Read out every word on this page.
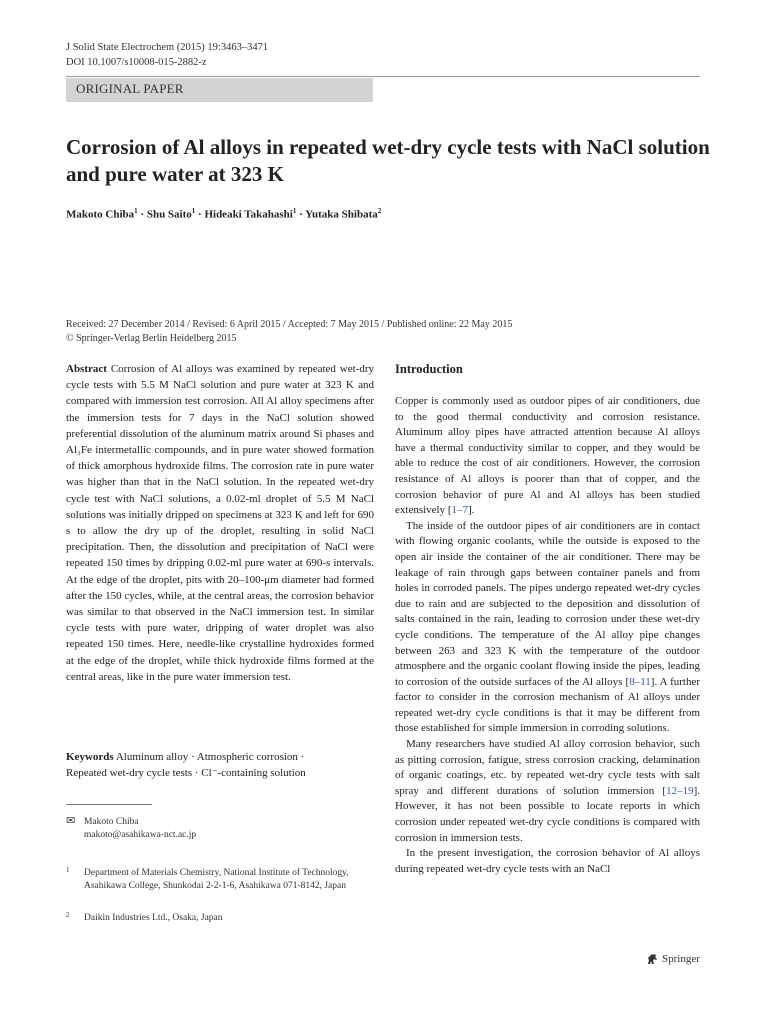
J Solid State Electrochem (2015) 19:3463–3471
DOI 10.1007/s10008-015-2882-z
ORIGINAL PAPER
Corrosion of Al alloys in repeated wet-dry cycle tests with NaCl solution and pure water at 323 K
Makoto Chiba$^1$ · Shu Saito$^1$ · Hideaki Takahashi$^1$ · Yutaka Shibata$^2$
Received: 27 December 2014 / Revised: 6 April 2015 / Accepted: 7 May 2015 / Published online: 22 May 2015
© Springer-Verlag Berlin Heidelberg 2015
Abstract Corrosion of Al alloys was examined by repeated wet-dry cycle tests with 5.5 M NaCl solution and pure water at 323 K and compared with immersion test corrosion. All Al alloy specimens after the immersion tests for 7 days in the NaCl solution showed preferential dissolution of the aluminum matrix around Si phases and Al₃Fe intermetallic compounds, and in pure water showed formation of thick amorphous hydroxide films. The corrosion rate in pure water was higher than that in the NaCl solution. In the repeated wet-dry cycle test with NaCl solutions, a 0.02-ml droplet of 5.5 M NaCl solutions was initially dripped on specimens at 323 K and left for 690 s to allow the dry up of the droplet, resulting in solid NaCl precipitation. Then, the dissolution and precipitation of NaCl were repeated 150 times by dripping 0.02-ml pure water at 690-s intervals. At the edge of the droplet, pits with 20–100-μm diameter had formed after the 150 cycles, while, at the central areas, the corrosion behavior was similar to that observed in the NaCl immersion test. In similar cycle tests with pure water, dripping of water droplet was also repeated 150 times. Here, needle-like crystalline hydroxides formed at the edge of the droplet, while thick hydroxide films formed at the central areas, like in the pure water immersion test.
Keywords Aluminum alloy · Atmospheric corrosion ·
Repeated wet-dry cycle tests · Cl⁻-containing solution
✉ Makoto Chiba
makoto@asahikawa-nct.ac.jp
1	Department of Materials Chemistry, National Institute of Technology, Asahikawa College, Shunkodai 2-2-1-6, Asahikawa 071-8142, Japan
2	Daikin Industries Ltd., Osaka, Japan
Introduction

Copper is commonly used as outdoor pipes of air conditioners, due to the good thermal conductivity and corrosion resistance. Aluminum alloy pipes have attracted attention because Al alloys have a thermal conductivity similar to copper, and they would be able to reduce the cost of air conditioners. However, the corrosion resistance of Al alloys is poorer than that of copper, and the corrosion behavior of pure Al and Al alloys has been studied extensively [1–7].

The inside of the outdoor pipes of air conditioners are in contact with flowing organic coolants, while the outside is exposed to the open air inside the container of the air conditioner. There may be leakage of rain through gaps between container panels and from holes in corroded panels. The pipes undergo repeated wet-dry cycles due to rain and are subjected to the deposition and dissolution of salts contained in the rain, leading to corrosion under these wet-dry cycle conditions. The temperature of the Al alloy pipe changes between 263 and 323 K with the temperature of the outdoor atmosphere and the organic coolant flowing inside the pipes, leading to corrosion of the outside surfaces of the Al alloys [8–11]. A further factor to consider in the corrosion mechanism of Al alloys under repeated wet-dry cycle conditions is that it may be different from those established for simple immersion in corroding solutions.

Many researchers have studied Al alloy corrosion behavior, such as pitting corrosion, fatigue, stress corrosion cracking, delamination of organic coatings, etc. by repeated wet-dry cycle tests with salt spray and different durations of solution immersion [12–19]. However, it has not been possible to locate reports in which corrosion under repeated wet-dry cycle conditions is compared with corrosion in immersion tests.

In the present investigation, the corrosion behavior of Al alloys during repeated wet-dry cycle tests with an NaCl

Springer
